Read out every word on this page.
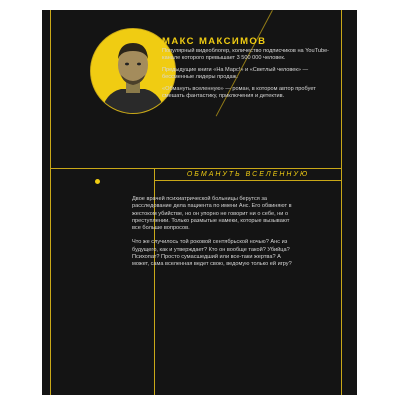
МАКС МАКСИМОВ

Популярный видеоблогер, количество подписчиков на YouTube-канале которого превышает 3 500 000 человек.

Предыдущие книги «На Марс!» и «Светлый человек» — бессменные лидеры продаж.

«Обмануть вселенную» — роман, в котором автор пробует смешать фантастику, приключения и детектив.

ОБМАНУТЬ ВСЕЛЕННУЮ

Двое врачей психиатрической больницы берутся за расследование дела пациента по имени Анс. Его обвиняют в жестоком убийстве, но он упорно не говорит ни о себе, ни о преступлении. Только размытые намеки, которые вызывают все больше вопросов.

Что же случилось той роковой сентябрьской ночью? Анс из будущего, как и утверждает? Кто он вообще такой? Убийца? Психопат? Просто сумасшедший или все-таки жертва? А может, сама вселенная ведет свою, ведомую только ей игру?
